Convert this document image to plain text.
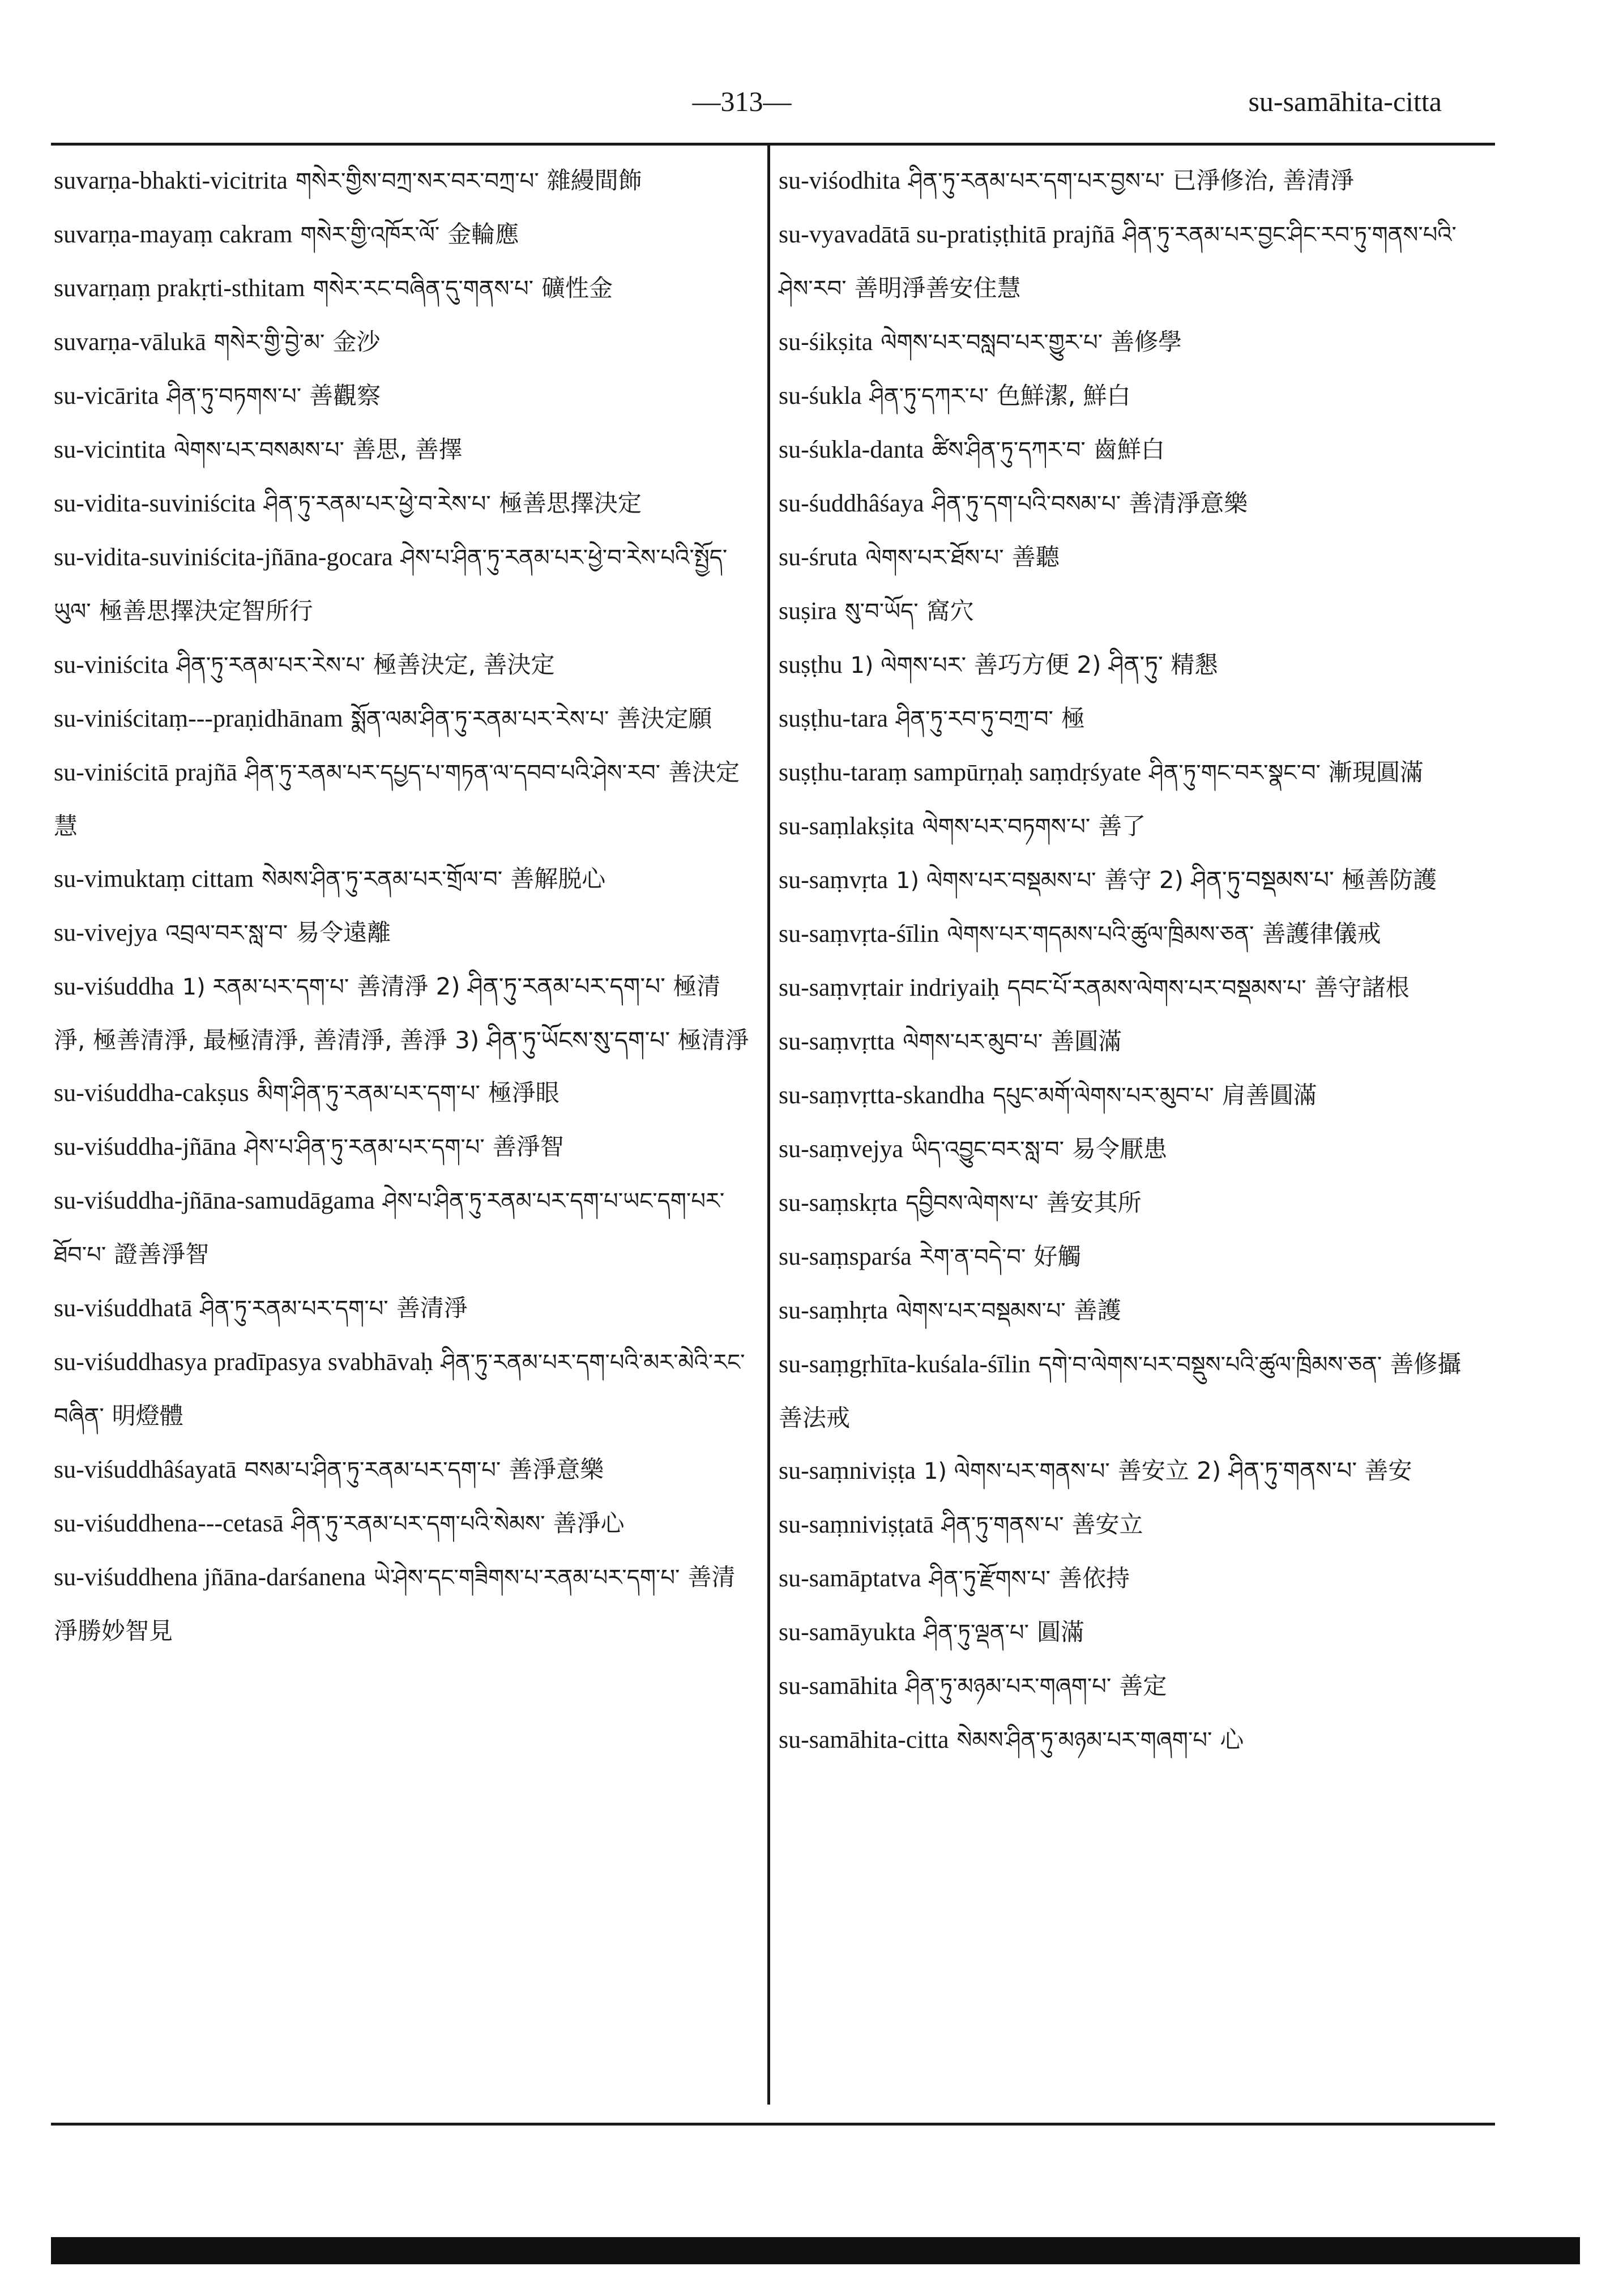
—313—	su-samāhita-citta
suvarṇa-bhakti-vicitrita གསེར་གྱིས་བཀྲ་སར་བར་བཀྲ་པ་ 雜縵間飾
suvarṇa-mayaṃ cakram གསེར་གྱི་འཁོར་ལོ་ 金輪應
suvarṇaṃ prakṛti-sthitam གསེར་རང་བཞིན་དུ་གནས་པ་ 礦性金
suvarṇa-vālukā གསེར་གྱི་བྱེ་མ་ 金沙
su-vicārita ཤིན་ཏུ་བཏགས་པ་ 善觀察
su-vicintita ལེགས་པར་བསམས་པ་ 善思, 善擇
su-vidita-suviniścita ཤིན་ཏུ་རནམ་པར་ཕྱེ་བ་རེས་པ་ 極善思擇決定
su-vidita-suviniścita-jñāna-gocara ཤེས་པ་ཤིན་ཏུ་རནམ་པར་ཕྱེ་བ་རེས་པའི་སྤྱོད་ཡུལ་ 極善思擇決定智所行
su-viniścita ཤིན་ཏུ་རནམ་པར་རེས་པ་ 極善決定, 善決定
su-viniścitaṃ---praṇidhānam སྨོན་ལམ་ཤིན་ཏུ་རནམ་པར་རེས་པ་ 善決定願
su-viniścitā prajñā ཤིན་ཏུ་རནམ་པར་དཔྱད་པ་གཏན་ལ་དབབ་པའི་ཤེས་རབ་ 善決定慧
su-vimuktaṃ cittam སེམས་ཤིན་ཏུ་རནམ་པར་གྲོལ་བ་ 善解脱心
su-vivejya འབྲལ་བར་སླ་བ་ 易令遠離
su-viśuddha 1) རནམ་པར་དག་པ་ 善清淨 2) ཤིན་ཏུ་རནམ་པར་དག་པ་ 極清淨, 極善清淨, 最極清淨, 善清淨, 善淨 3) ཤིན་ཏུ་ཡོངས་སུ་དག་པ་ 極清淨
su-viśuddha-cakṣus མིག་ཤིན་ཏུ་རནམ་པར་དག་པ་ 極淨眼
su-viśuddha-jñāna ཤེས་པ་ཤིན་ཏུ་རནམ་པར་དག་པ་ 善淨智
su-viśuddha-jñāna-samudāgama ཤེས་པ་ཤིན་ཏུ་རནམ་པར་དག་པ་ཡང་དག་པར་ཐོབ་པ་ 證善淨智
su-viśuddhatā ཤིན་ཏུ་རནམ་པར་དག་པ་ 善清淨
su-viśuddhasya pradīpasya svabhāvaḥ ཤིན་ཏུ་རནམ་པར་དག་པའི་མར་མེའི་རང་བཞིན་ 明燈體
su-viśuddhâśayatā བསམ་པ་ཤིན་ཏུ་རནམ་པར་དག་པ་ 善淨意樂
su-viśuddhena---cetasā ཤིན་ཏུ་རནམ་པར་དག་པའི་སེམས་ 善淨心
su-viśuddhena jñāna-darśanena ཡེ་ཤེས་དང་གཟིགས་པ་རནམ་པར་དག་པ་ 善清淨勝妙智見
su-viśodhita ཤིན་ཏུ་རནམ་པར་དག་པར་བྱས་པ་ 已淨修治, 善清淨
su-vyavadātā su-pratiṣṭhitā prajñā ཤིན་ཏུ་རནམ་པར་བྱང་ཤིང་རབ་ཏུ་གནས་པའི་ཤེས་རབ་ 善明淨善安住慧
su-śikṣita ལེགས་པར་བསླབ་པར་གྱུར་པ་ 善修學
su-śukla ཤིན་ཏུ་དཀར་པ་ 色鮮潔, 鮮白
su-śukla-danta ཚིས་ཤིན་ཏུ་དཀར་བ་ 齒鮮白
su-śuddhâśaya ཤིན་ཏུ་དག་པའི་བསམ་པ་ 善清淨意樂
su-śruta ལེགས་པར་ཐོས་པ་ 善聽
suṣira སུ་བ་ཡོད་ 窩穴
suṣṭhu 1) ལེགས་པར་ 善巧方便 2) ཤིན་ཏུ་ 精懇
suṣṭhu-tara ཤིན་ཏུ་རབ་ཏུ་བཀྲ་བ་ 極
suṣṭhu-taraṃ sampūrṇaḥ saṃdṛśyate ཤིན་ཏུ་གང་བར་སྣང་བ་ 漸現圓滿
su-saṃlakṣita ལེགས་པར་བཏགས་པ་ 善了
su-saṃvṛta 1) ལེགས་པར་བསྡམས་པ་ 善守 2) ཤིན་ཏུ་བསྡམས་པ་ 極善防護
su-saṃvṛta-śīlin ལེགས་པར་གདམས་པའི་ཚུལ་ཁྲིམས་ཅན་ 善護律儀戒
su-saṃvṛtair indriyaiḥ དབང་པོ་རནམས་ལེགས་པར་བསྡམས་པ་ 善守諸根
su-saṃvṛtta ལེགས་པར་མུབ་པ་ 善圓滿
su-saṃvṛtta-skandha དཔུང་མགོ་ལེགས་པར་མུབ་པ་ 肩善圓滿
su-saṃvejya ཡིད་འབྱུང་བར་སླ་བ་ 易令厭患
su-saṃskṛta དབྱིབས་ལེགས་པ་ 善安其所
su-saṃsparśa རེག་ན་བདེ་བ་ 好觸
su-saṃhṛta ལེགས་པར་བསྡམས་པ་ 善護
su-saṃgṛhīta-kuśala-śīlin དགེ་བ་ལེགས་པར་བསྡུས་པའི་ཚུལ་ཁྲིམས་ཅན་ 善修攝善法戒
su-saṃniviṣṭa 1) ལེགས་པར་གནས་པ་ 善安立 2) ཤིན་ཏུ་གནས་པ་ 善安
su-saṃniviṣṭatā ཤིན་ཏུ་གནས་པ་ 善安立
su-samāptatva ཤིན་ཏུ་རྫོགས་པ་ 善依持
su-samāyukta ཤིན་ཏུ་ལྡན་པ་ 圓滿
su-samāhita ཤིན་ཏུ་མཉམ་པར་གཞག་པ་ 善定
su-samāhita-citta སེམས་ཤིན་ཏུ་མཉམ་པར་གཞག་པ་ 心
